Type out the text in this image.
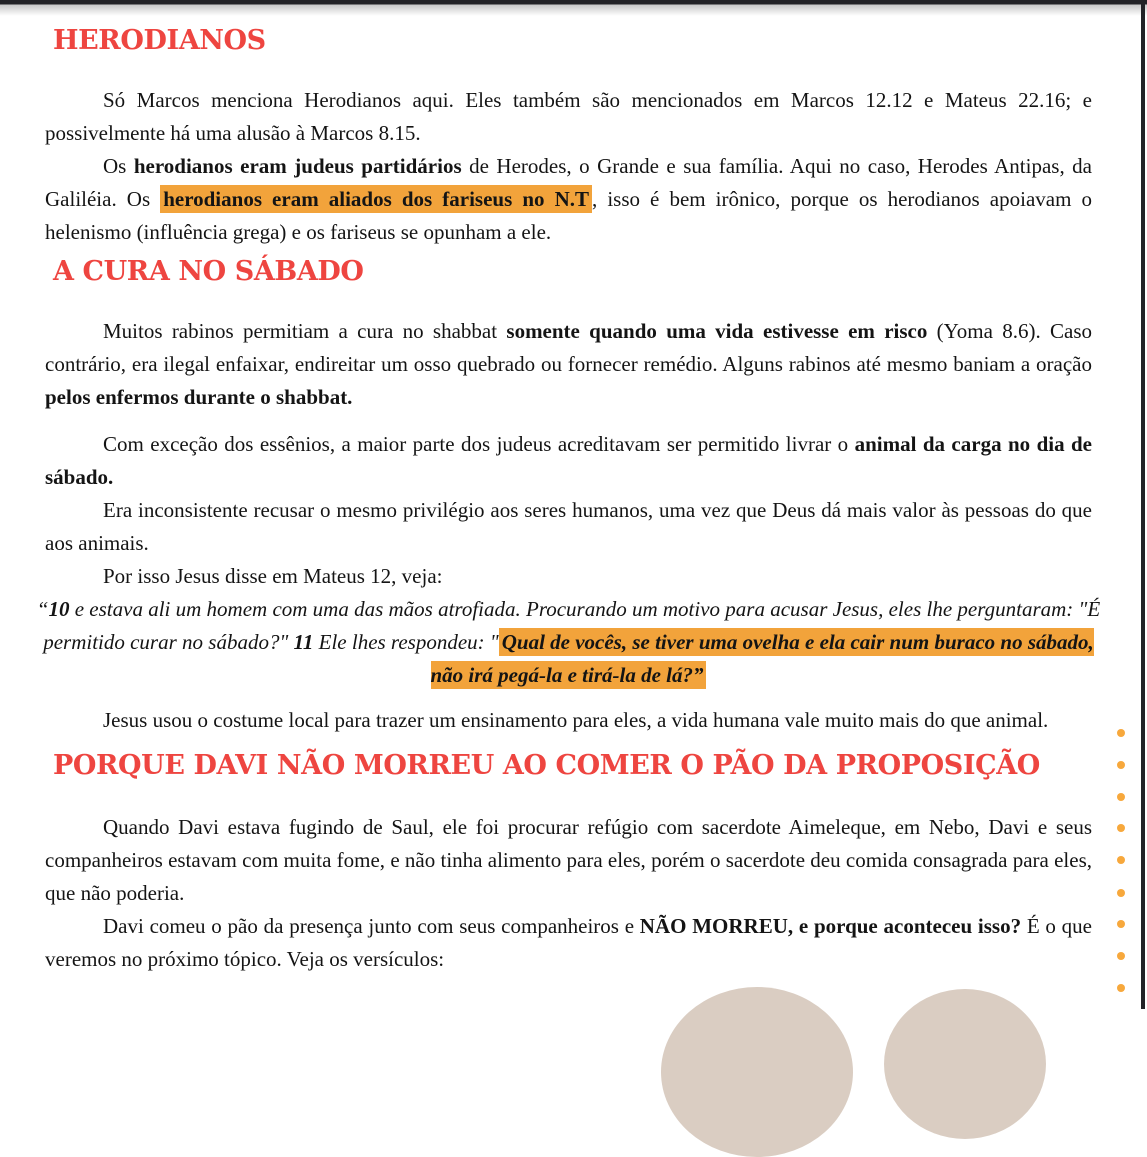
HERODIANOS

Só Marcos menciona Herodianos aqui. Eles também são mencionados em Marcos 12.12 e Mateus 22.16; e possivelmente há uma alusão à Marcos 8.15.

Os herodianos eram judeus partidários de Herodes, o Grande e sua família. Aqui no caso, Herodes Antipas, da Galiléia. Os herodianos eram aliados dos fariseus no N.T , isso é bem irônico, porque os herodianos apoiavam o helenismo (influência grega) e os fariseus se opunham a ele.

A CURA NO SÁBADO

Muitos rabinos permitiam a cura no shabbat somente quando uma vida estivesse em risco (Yoma 8.6). Caso contrário, era ilegal enfaixar, endireitar um osso quebrado ou fornecer remédio. Alguns rabinos até mesmo baniam a oração pelos enfermos durante o shabbat.

Com exceção dos essênios, a maior parte dos judeus acreditavam ser permitido livrar o animal da carga no dia de sábado.

Era inconsistente recusar o mesmo privilégio aos seres humanos, uma vez que Deus dá mais valor às pessoas do que aos animais.

Por isso Jesus disse em Mateus 12, veja:

“10 e estava ali um homem com uma das mãos atrofiada. Procurando um motivo para acusar Jesus, eles lhe perguntaram: "É permitido curar no sábado?" 11 Ele lhes respondeu: " Qual de vocês, se tiver uma ovelha e ela cair num buraco no sábado, não irá pegá-la e tirá-la de lá?”

Jesus usou o costume local para trazer um ensinamento para eles, a vida humana vale muito mais do que animal.

PORQUE DAVI NÃO MORREU AO COMER O PÃO DA PROPOSIÇÃO

Quando Davi estava fugindo de Saul, ele foi procurar refúgio com sacerdote Aimeleque, em Nebo, Davi e seus companheiros estavam com muita fome, e não tinha alimento para eles, porém o sacerdote deu comida consagrada para eles, que não poderia.

Davi comeu o pão da presença junto com seus companheiros e NÃO MORREU, e porque aconteceu isso? É o que veremos no próximo tópico. Veja os versículos:
